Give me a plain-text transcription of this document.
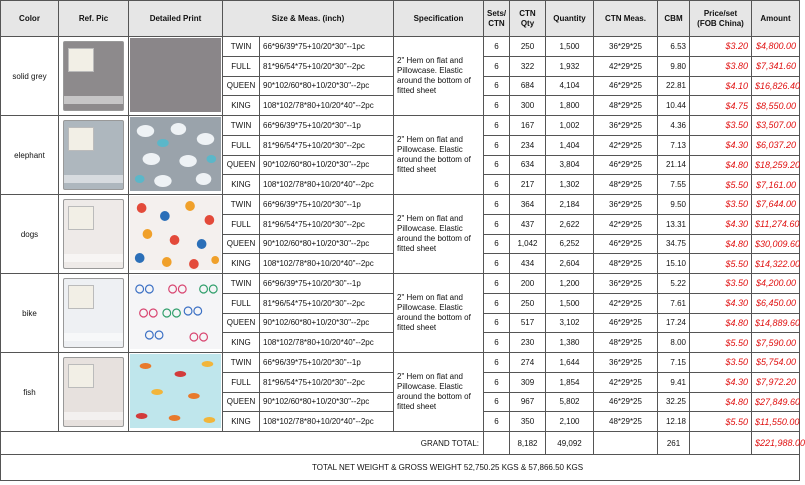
Color	Ref. Pic	Detailed Print	Size & Meas. (inch)		Specification	Sets/ CTN	CTN Qty	Quantity	CTN Meas.	CBM	Price/set (FOB China)	Amount
solid grey			TWIN	66*96/39*75+10/20*30"--1pc	2" Hem on flat and Pillowcase. Elastic around the bottom of fitted sheet	6	250	1,500	36*29*25	6.53	$3.20	$4,800.00
			FULL	81*96/54*75+10/20*30"--2pc		6	322	1,932	42*29*25	9.80	$3.80	$7,341.60
			QUEEN	90*102/60*80+10/20*30"--2pc		6	684	4,104	46*29*25	22.81	$4.10	$16,826.40
			KING	108*102/78*80+10/20*40"--2pc		6	300	1,800	48*29*25	10.44	$4.75	$8,550.00
elephant			TWIN	66*96/39*75+10/20*30"--1p	2" Hem on flat and Pillowcase. Elastic around the bottom of fitted sheet	6	167	1,002	36*29*25	4.36	$3.50	$3,507.00
			FULL	81*96/54*75+10/20*30"--2pc		6	234	1,404	42*29*25	7.13	$4.30	$6,037.20
			QUEEN	90*102/60*80+10/20*30"--2pc		6	634	3,804	46*29*25	21.14	$4.80	$18,259.20
			KING	108*102/78*80+10/20*40"--2pc		6	217	1,302	48*29*25	7.55	$5.50	$7,161.00
dogs			TWIN	66*96/39*75+10/20*30"--1p	2" Hem on flat and Pillowcase. Elastic around the bottom of fitted sheet	6	364	2,184	36*29*25	9.50	$3.50	$7,644.00
			FULL	81*96/54*75+10/20*30"--2pc		6	437	2,622	42*29*25	13.31	$4.30	$11,274.60
			QUEEN	90*102/60*80+10/20*30"--2pc		6	1,042	6,252	46*29*25	34.75	$4.80	$30,009.60
			KING	108*102/78*80+10/20*40"--2pc		6	434	2,604	48*29*25	15.10	$5.50	$14,322.00
bike			TWIN	66*96/39*75+10/20*30"--1p	2" Hem on flat and Pillowcase. Elastic around the bottom of fitted sheet	6	200	1,200	36*29*25	5.22	$3.50	$4,200.00
			FULL	81*96/54*75+10/20*30"--2pc		6	250	1,500	42*29*25	7.61	$4.30	$6,450.00
			QUEEN	90*102/60*80+10/20*30"--2pc		6	517	3,102	46*29*25	17.24	$4.80	$14,889.60
			KING	108*102/78*80+10/20*40"--2pc		6	230	1,380	48*29*25	8.00	$5.50	$7,590.00
fish			TWIN	66*96/39*75+10/20*30"--1p	2" Hem on flat and Pillowcase. Elastic around the bottom of fitted sheet	6	274	1,644	36*29*25	7.15	$3.50	$5,754.00
			FULL	81*96/54*75+10/20*30"--2pc		6	309	1,854	42*29*25	9.41	$4.30	$7,972.20
			QUEEN	90*102/60*80+10/20*30"--2pc		6	967	5,802	46*29*25	32.25	$4.80	$27,849.60
			KING	108*102/78*80+10/20*40"--2pc		6	350	2,100	48*29*25	12.18	$5.50	$11,550.00
GRAND TOTAL:							8,182	49,092		261		$221,988.00
TOTAL NET WEIGHT & GROSS WEIGHT 52,750.25 KGS & 57,866.50 KGS												
